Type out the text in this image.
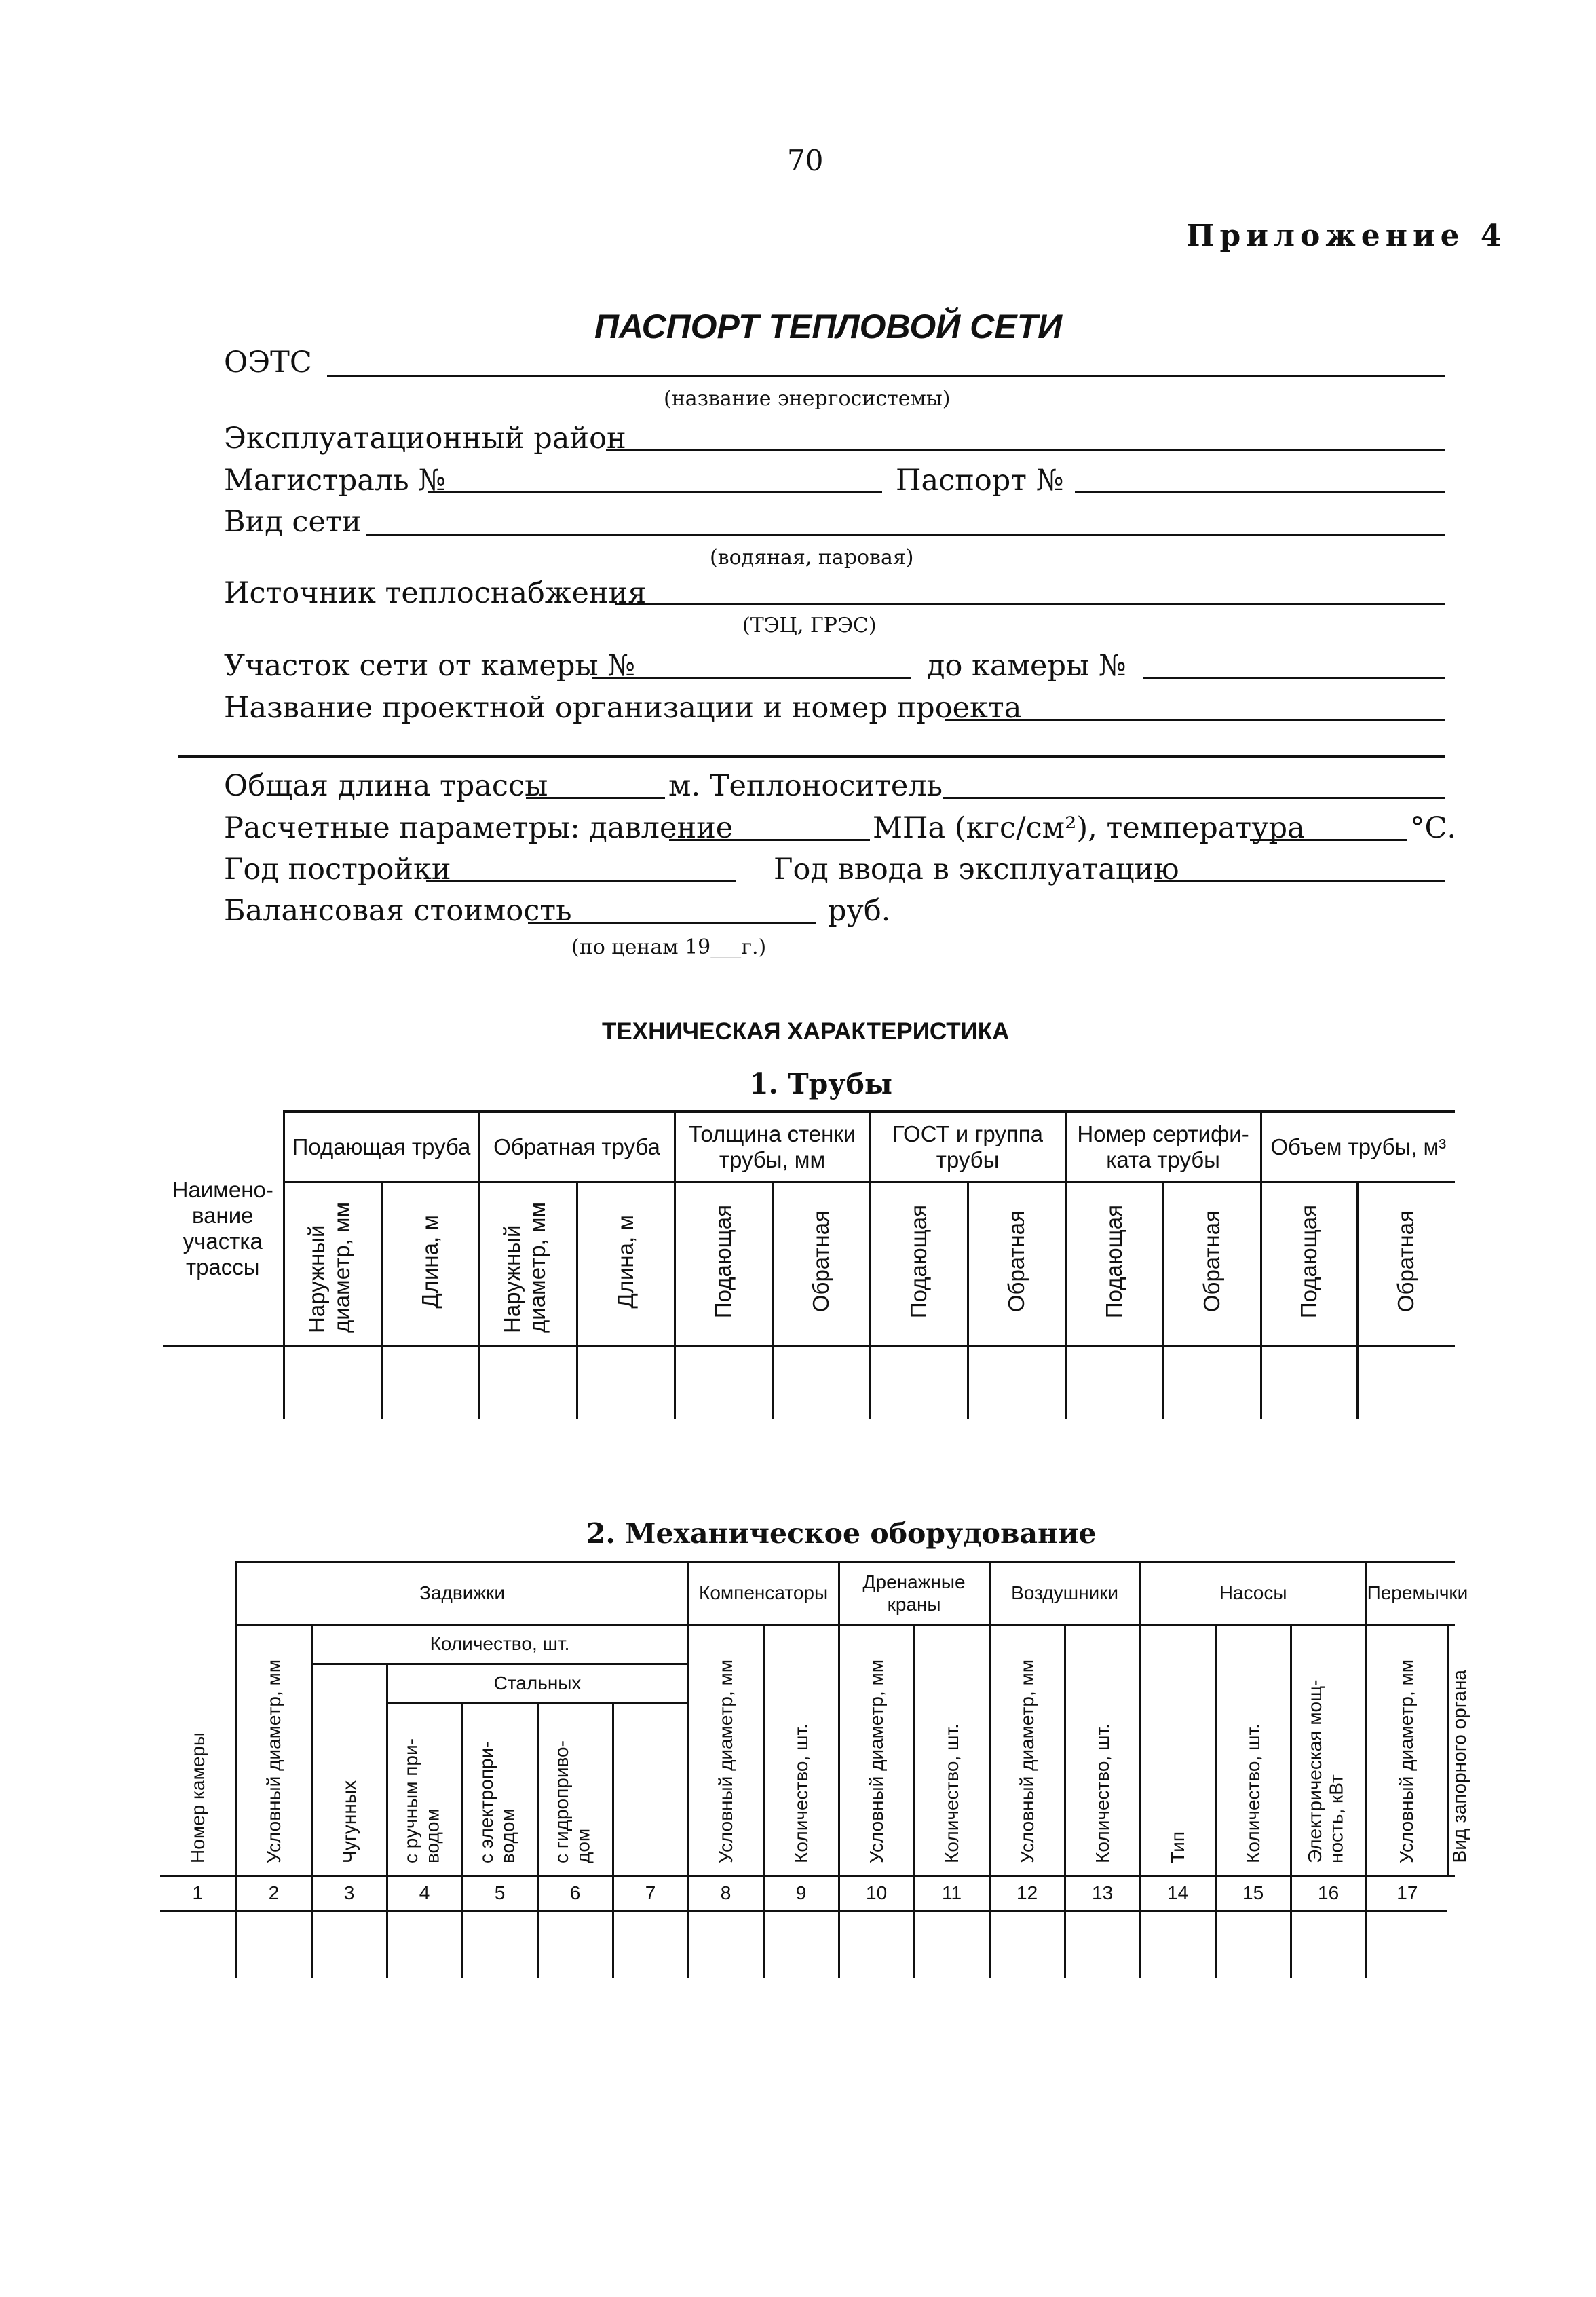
70
Приложение 4
ПАСПОРТ ТЕПЛОВОЙ СЕТИ
ОЭТС
(название энергосистемы)
Эксплуатационный район
Магистраль №	Паспорт №
Вид сети
(водяная, паровая)
Источник теплоснабжения
(ТЭЦ, ГРЭС)
Участок сети от камеры №	до камеры №
Название проектной организации и номер проекта
Общая длина трассы	м. Теплоноситель
Расчетные параметры: давление	МПа (кгс/см²), температура	°С.
Год постройки	Год ввода в эксплуатацию
Балансовая стоимость	руб.
(по ценам 19___г.)
ТЕХНИЧЕСКАЯ ХАРАКТЕРИСТИКА
1. Трубы
Наимено-вание участка трассы	Подающая труба		Обратная труба		Толщина стенки трубы, мм		ГОСТ и группа трубы		Номер сертифи-ката трубы		Объем трубы, м³	
	Наружный диаметр, мм	Длина, м	Наружный диаметр, мм	Длина, м	Подающая	Обратная	Подающая	Обратная	Подающая	Обратная	Подающая	Обратная

2. Механическое оборудование
Номер камеры	Задвижки						Компенсаторы		Дренажные краны		Воздушники		Насосы			Перемычки	
	Условный диаметр, мм	Количество, шт.					Условный диаметр, мм	Количество, шт.	Условный диаметр, мм	Количество, шт.	Условный диаметр, мм	Количество, шт.	Тип	Количество, шт.	Электрическая мощ-ность, кВт	Условный диаметр, мм	Вид запорного органа
		Чугунных	Стальных														
			с ручным при-водом	с электропри-водом	с гидроприво-дом												
1	2	3	4	5	6	7	8	9	10	11	12	13	14	15	16	17	
